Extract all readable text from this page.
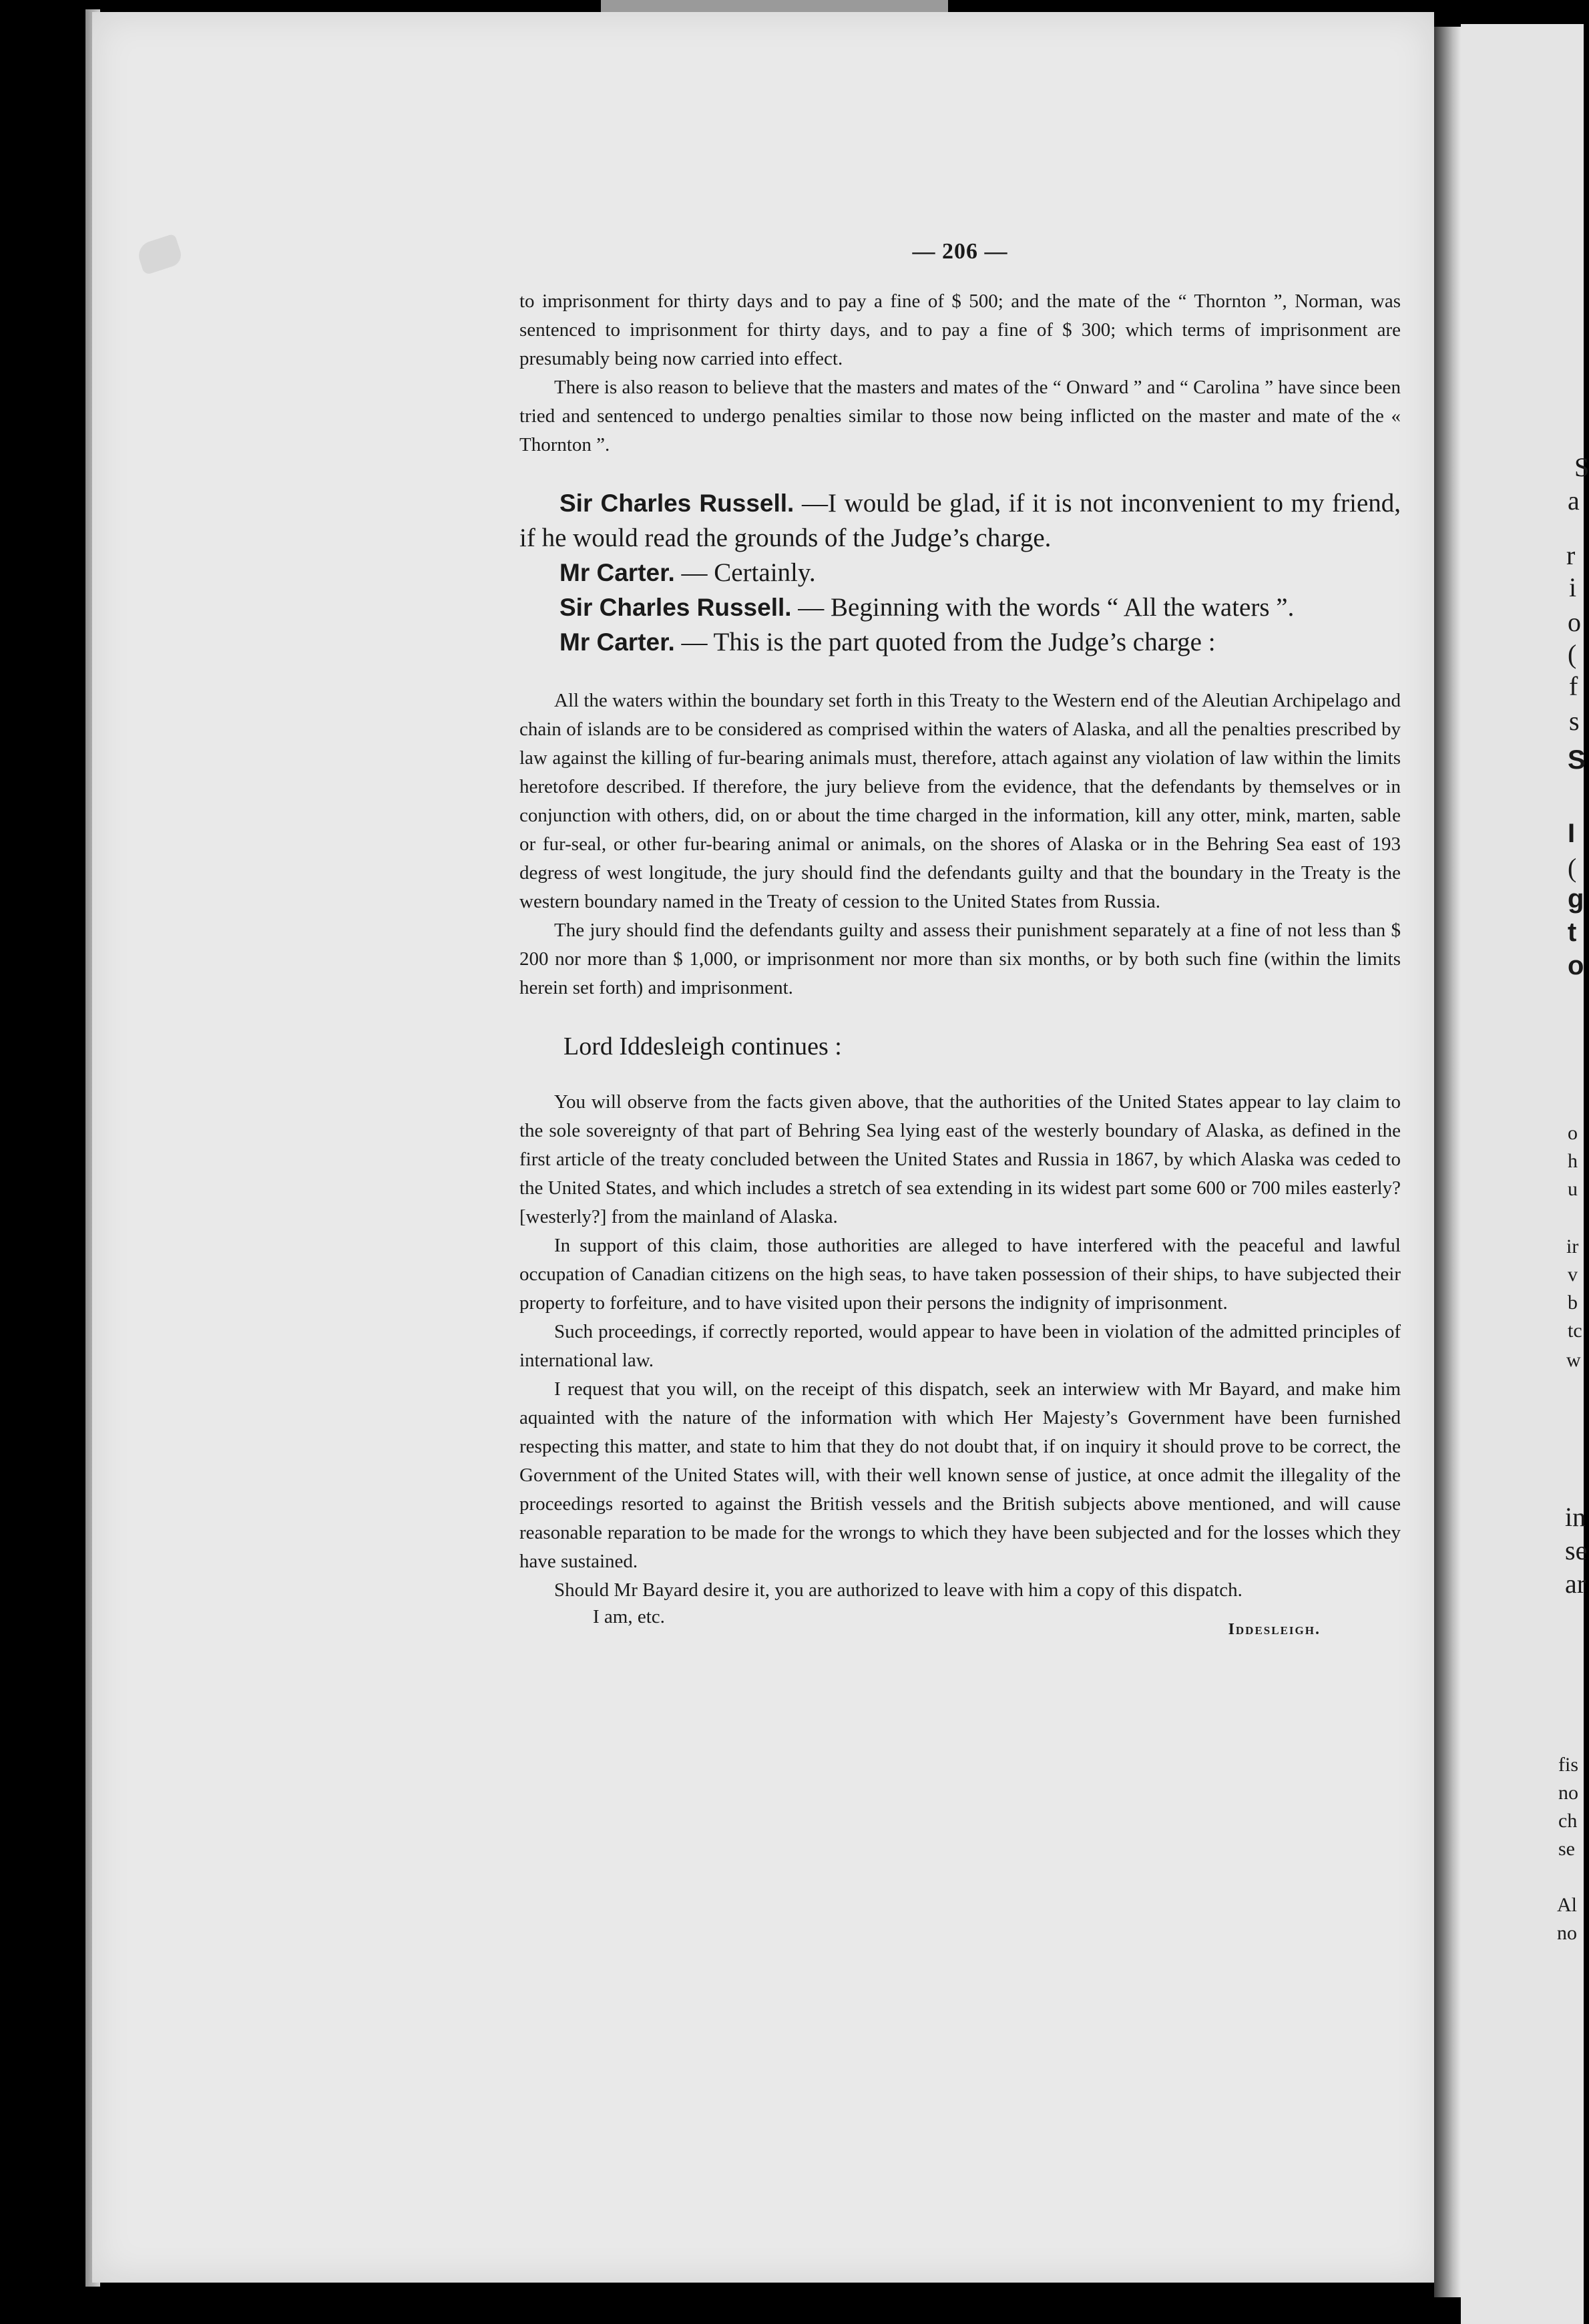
— 206 —

to imprisonment for thirty days and to pay a fine of $ 500; and the mate of the “ Thornton ”, Norman, was sentenced to imprisonment for thirty days, and to pay a fine of $ 300; which terms of imprisonment are presumably being now carried into effect.

There is also reason to believe that the masters and mates of the “ Onward ” and “ Carolina ” have since been tried and sentenced to undergo penalties similar to those now being inflicted on the master and mate of the « Thornton ”.

Sir Charles Russell. —I would be glad, if it is not inconvenient to my friend, if he would read the grounds of the Judge’s charge.

Mr Carter. — Certainly.

Sir Charles Russell. — Beginning with the words “ All the waters ”.

Mr Carter. — This is the part quoted from the Judge’s charge :

All the waters within the boundary set forth in this Treaty to the Western end of the Aleutian Archipelago and chain of islands are to be considered as comprised within the waters of Alaska, and all the penalties prescribed by law against the killing of fur-bearing animals must, therefore, attach against any violation of law within the limits heretofore described. If therefore, the jury believe from the evidence, that the defendants by themselves or in conjunction with others, did, on or about the time charged in the information, kill any otter, mink, marten, sable or fur-seal, or other fur-bearing animal or animals, on the shores of Alaska or in the Behring Sea east of 193 degress of west longitude, the jury should find the defendants guilty and that the boundary in the Treaty is the western boundary named in the Treaty of cession to the United States from Russia.

The jury should find the defendants guilty and assess their punishment separately at a fine of not less than $ 200 nor more than $ 1,000, or imprisonment nor more than six months, or by both such fine (within the limits herein set forth) and imprisonment.

Lord Iddesleigh continues :

You will observe from the facts given above, that the authorities of the United States appear to lay claim to the sole sovereignty of that part of Behring Sea lying east of the westerly boundary of Alaska, as defined in the first article of the treaty concluded between the United States and Russia in 1867, by which Alaska was ceded to the United States, and which includes a stretch of sea extending in its widest part some 600 or 700 miles easterly? [westerly?] from the mainland of Alaska.

In support of this claim, those authorities are alleged to have interfered with the peaceful and lawful occupation of Canadian citizens on the high seas, to have taken possession of their ships, to have subjected their property to forfeiture, and to have visited upon their persons the indignity of imprisonment.

Such proceedings, if correctly reported, would appear to have been in violation of the admitted principles of international law.

I request that you will, on the receipt of this dispatch, seek an interwiew with Mr Bayard, and make him aquainted with the nature of the information with which Her Majesty’s Government have been furnished respecting this matter, and state to him that they do not doubt that, if on inquiry it should prove to be correct, the Government of the United States will, with their well known sense of justice, at once admit the illegality of the proceedings resorted to against the British vessels and the British subjects above mentioned, and will cause reasonable reparation to be made for the wrongs to which they have been subjected and for the losses which they have sustained.

Should Mr Bayard desire it, you are authorized to leave with him a copy of this dispatch.

I am, etc.
Iddesleigh.
S
a
r
i
o
(
f
s
S
I
(
g
t
o
o
h
u
ir
v
b
tc
w
in
se
ar
fis
no
ch
se
Al
no
